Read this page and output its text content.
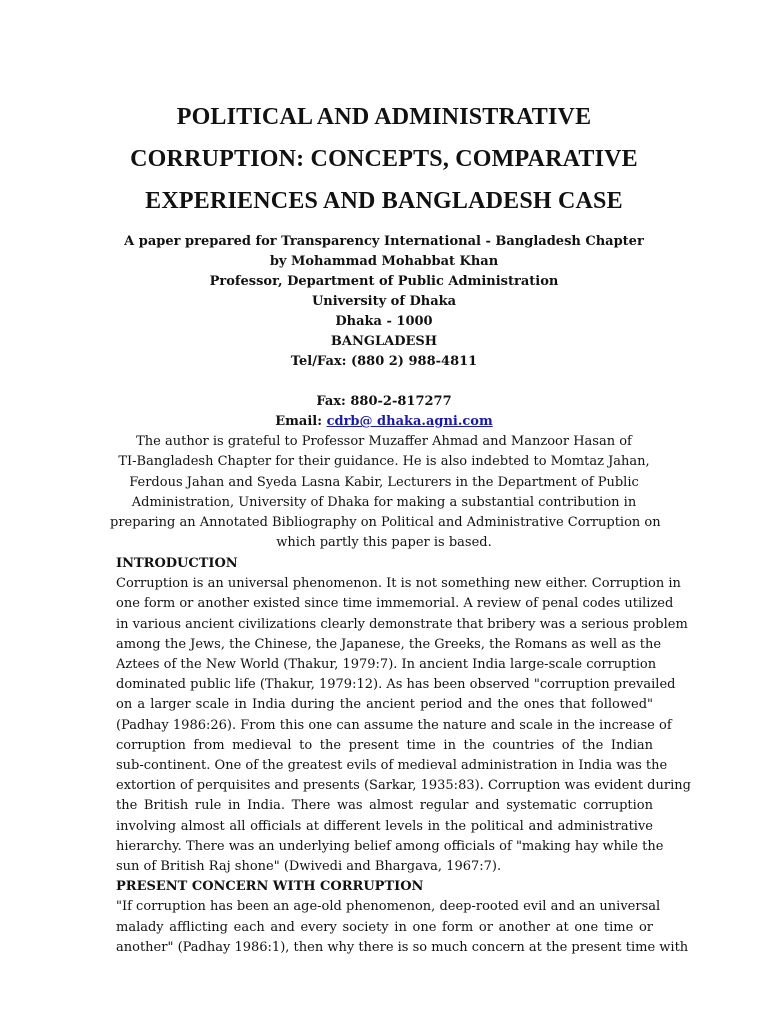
POLITICAL AND ADMINISTRATIVE
CORRUPTION: CONCEPTS, COMPARATIVE
EXPERIENCES AND BANGLADESH CASE
A paper prepared for Transparency International - Bangladesh Chapter
by Mohammad Mohabbat Khan
Professor, Department of Public Administration
University of Dhaka
Dhaka - 1000
BANGLADESH
Tel/Fax: (880 2) 988-4811
Fax: 880-2-817277
Email: cdrb@ dhaka.agni.com
The author is grateful to Professor Muzaffer Ahmad and Manzoor Hasan of
TI-Bangladesh Chapter for their guidance. He is also indebted to Momtaz Jahan,
Ferdous Jahan and Syeda Lasna Kabir, Lecturers in the Department of Public
Administration, University of Dhaka for making a substantial contribution in
preparing an Annotated Bibliography on Political and Administrative Corruption on
which partly this paper is based.
INTRODUCTION
Corruption is an universal phenomenon. It is not something new either. Corruption in
one form or another existed since time immemorial. A review of penal codes utilized
in various ancient civilizations clearly demonstrate that bribery was a serious problem
among the Jews, the Chinese, the Japanese, the Greeks, the Romans as well as the
Aztees of the New World (Thakur, 1979:7). In ancient India large-scale corruption
dominated public life (Thakur, 1979:12). As has been observed "corruption prevailed
on a larger scale in India during the ancient period and the ones that followed"
(Padhay 1986:26). From this one can assume the nature and scale in the increase of
corruption from medieval to the present time in the countries of the Indian
sub-continent. One of the greatest evils of medieval administration in India was the
extortion of perquisites and presents (Sarkar, 1935:83). Corruption was evident during
the British rule in India. There was almost regular and systematic corruption
involving almost all officials at different levels in the political and administrative
hierarchy. There was an underlying belief among officials of "making hay while the
sun of British Raj shone" (Dwivedi and Bhargava, 1967:7).
PRESENT CONCERN WITH CORRUPTION
"If corruption has been an age-old phenomenon, deep-rooted evil and an universal
malady afflicting each and every society in one form or another at one time or
another" (Padhay 1986:1), then why there is so much concern at the present time with
